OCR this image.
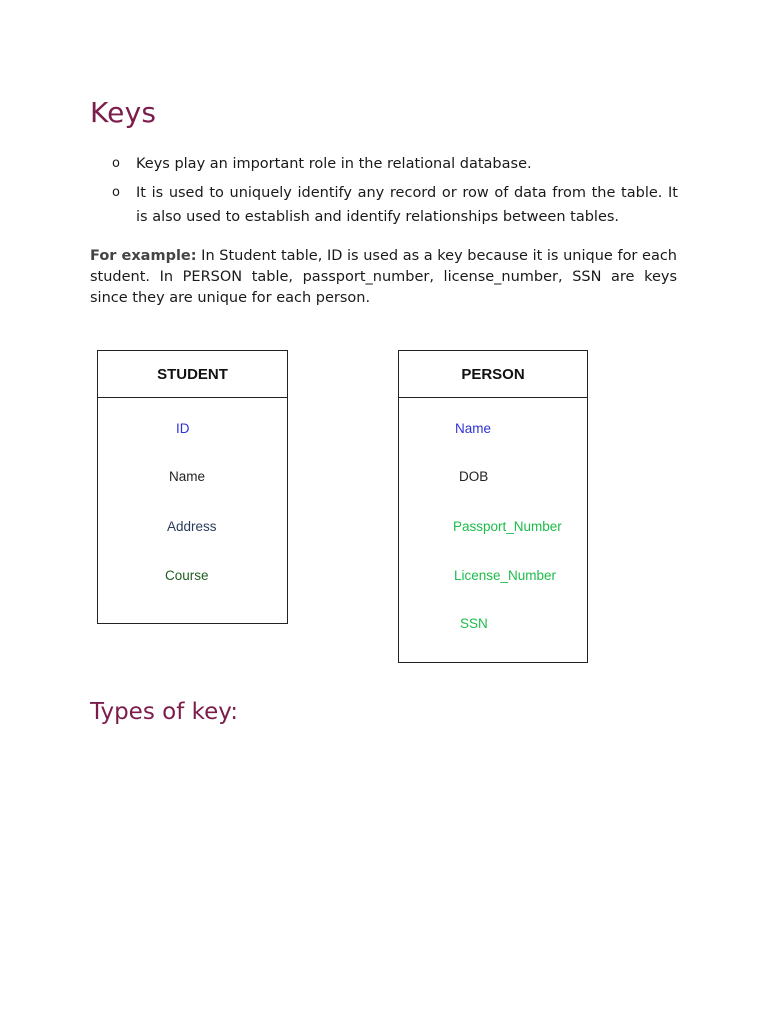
Keys
o Keys play an important role in the relational database.
o It is used to uniquely identify any record or row of data from the table. It is also used to establish and identify relationships between tables.

For example: In Student table, ID is used as a key because it is unique for each student. In PERSON table, passport_number, license_number, SSN are keys since they are unique for each person.

STUDENT
ID
Name
Address
Course
PERSON
Name
DOB
Passport_Number
License_Number
SSN
Types of key:
